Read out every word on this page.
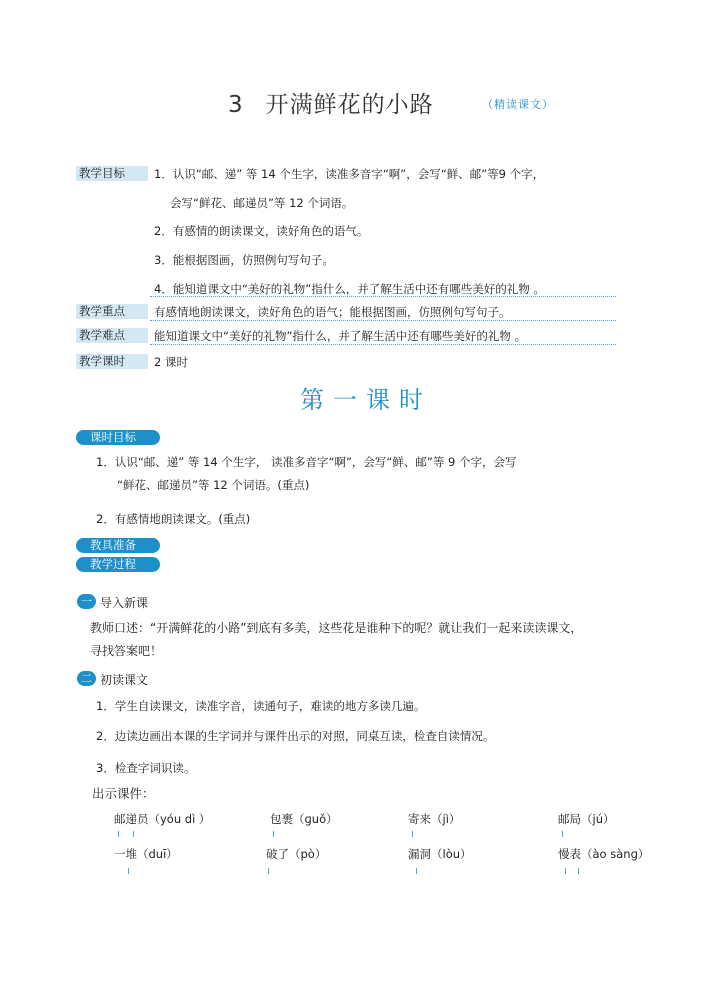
3 开满鲜花的小路	（精读课文）
教学目标	1．认识“邮、递” 等 14 个生字，读准多音字“啊”，会写“鲜、邮”等9 个字，
会写“鲜花、邮递员”等 12 个词语。
2．有感情的朗读课文，读好角色的语气。
3．能根据图画，仿照例句写句子。
4．能知道课文中“美好的礼物”指什么，并了解生活中还有哪些美好的礼物 。
教学重点	有感情地朗读课文，读好角色的语气；能根据图画，仿照例句写句子。
教学难点	能知道课文中“美好的礼物”指什么，并了解生活中还有哪些美好的礼物 。
教学课时	2 课时
第一课时
课时目标
1．认识“邮、递” 等 14 个生字， 读准多音字“啊”，会写“鲜、邮”等 9 个字，会写
“鲜花、邮递员”等 12 个词语。(重点)
2．有感情地朗读课文。(重点)
教具准备
教学过程
一 导入新课
教师口述：“开满鲜花的小路”到底有多美，这些花是谁种下的呢？就让我们一起来读读课文，
寻找答案吧！
二 初读课文
1．学生自读课文，读准字音，读通句子，难读的地方多读几遍。
2．边读边画出本课的生字词并与课件出示的对照，同桌互读，检查自读情况。
3．检查字词识读。
出示课件：
邮递员（yóu dì ）	包裹（ɡuǒ）	寄来（jì）	邮局（jú）
一堆（duī）	破了（pò）	漏洞（lòu）	慢表（ào sànɡ）
